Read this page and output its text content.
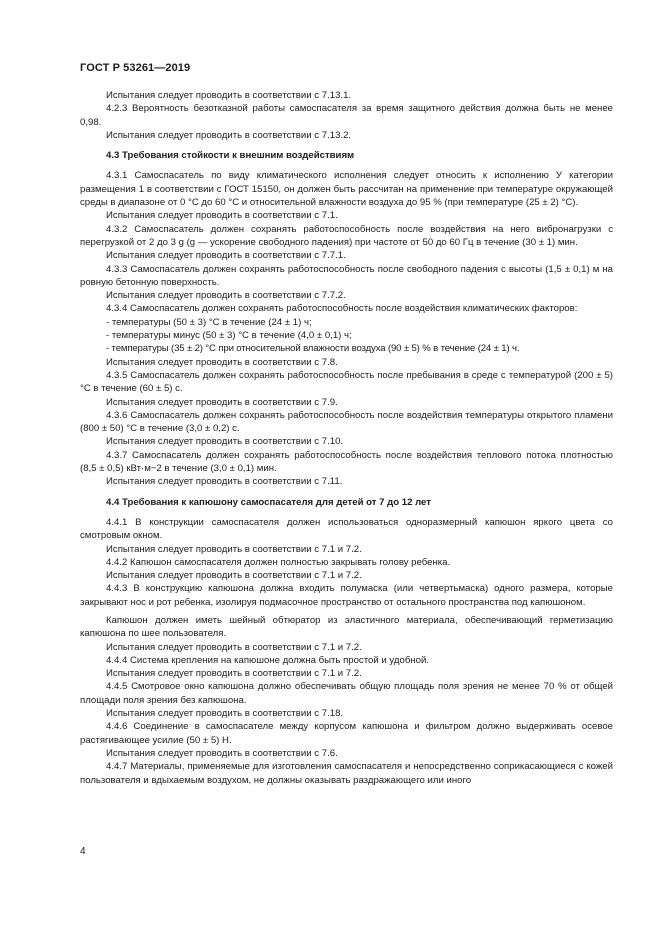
ГОСТ Р 53261—2019

Испытания следует проводить в соответствии с 7.13.1.

4.2.3 Вероятность безотказной работы самоспасателя за время защитного действия должна быть не менее 0,98.

Испытания следует проводить в соответствии с 7.13.2.

4.3 Требования стойкости к внешним воздействиям

4.3.1 Самоспасатель по виду климатического исполнения следует относить к исполнению У категории размещения 1 в соответствии с ГОСТ 15150, он должен быть рассчитан на применение при температуре окружающей среды в диапазоне от 0 °С до 60 °С и относительной влажности воздуха до 95 % (при температуре (25 ± 2) °С).

Испытания следует проводить в соответствии с 7.1.

4.3.2 Самоспасатель должен сохранять работоспособность после воздействия на него вибронагрузки с перегрузкой от 2 до 3 g (g — ускорение свободного падения) при частоте от 50 до 60 Гц в течение (30 ± 1) мин.

Испытания следует проводить в соответствии с 7.7.1.

4.3.3 Самоспасатель должен сохранять работоспособность после свободного падения с высоты (1,5 ± 0,1) м на ровную бетонную поверхность.

Испытания следует проводить в соответствии с 7.7.2.

4.3.4 Самоспасатель должен сохранять работоспособность после воздействия климатических факторов:

- температуры (50 ± 3) °С в течение (24 ± 1) ч;

- температуры минус (50 ± 3) °С в течение (4,0 ± 0,1) ч;

- температуры (35 ± 2) °С при относительной влажности воздуха (90 ± 5) % в течение (24 ± 1) ч.

Испытания следует проводить в соответствии с 7.8.

4.3.5 Самоспасатель должен сохранять работоспособность после пребывания в среде с температурой (200 ± 5) °С в течение (60 ± 5) с.

Испытания следует проводить в соответствии с 7.9.

4.3.6 Самоспасатель должен сохранять работоспособность после воздействия температуры открытого пламени (800 ± 50) °С в течение (3,0 ± 0,2) с.

Испытания следует проводить в соответствии с 7.10.

4.3.7 Самоспасатель должен сохранять работоспособность после воздействия теплового потока плотностью (8,5 ± 0,5) кВт·м−2 в течение (3,0 ± 0,1) мин.

Испытания следует проводить в соответствии с 7.11.

4.4 Требования к капюшону самоспасателя для детей от 7 до 12 лет

4.4.1 В конструкции самоспасателя должен использоваться одноразмерный капюшон яркого цвета со смотровым окном.

Испытания следует проводить в соответствии с 7.1 и 7.2.

4.4.2 Капюшон самоспасателя должен полностью закрывать голову ребенка.

Испытания следует проводить в соответствии с 7.1 и 7.2.

4.4.3 В конструкцию капюшона должна входить полумаска (или четвертьмаска) одного размера, которые закрывают нос и рот ребенка, изолируя подмасочное пространство от остального пространства под капюшоном.

Капюшон должен иметь шейный обтюратор из эластичного материала, обеспечивающий герметизацию капюшона по шее пользователя.

Испытания следует проводить в соответствии с 7.1 и 7.2.

4.4.4 Система крепления на капюшоне должна быть простой и удобной.

Испытания следует проводить в соответствии с 7.1 и 7.2.

4.4.5 Смотровое окно капюшона должно обеспечивать общую площадь поля зрения не менее 70 % от общей площади поля зрения без капюшона.

Испытания следует проводить в соответствии с 7.18.

4.4.6 Соединение в самоспасателе между корпусом капюшона и фильтром должно выдерживать осевое растягивающее усилие (50 ± 5) Н.

Испытания следует проводить в соответствии с 7.6.

4.4.7 Материалы, применяемые для изготовления самоспасателя и непосредственно соприкасающиеся с кожей пользователя и вдыхаемым воздухом, не должны оказывать раздражающего или иного

4
